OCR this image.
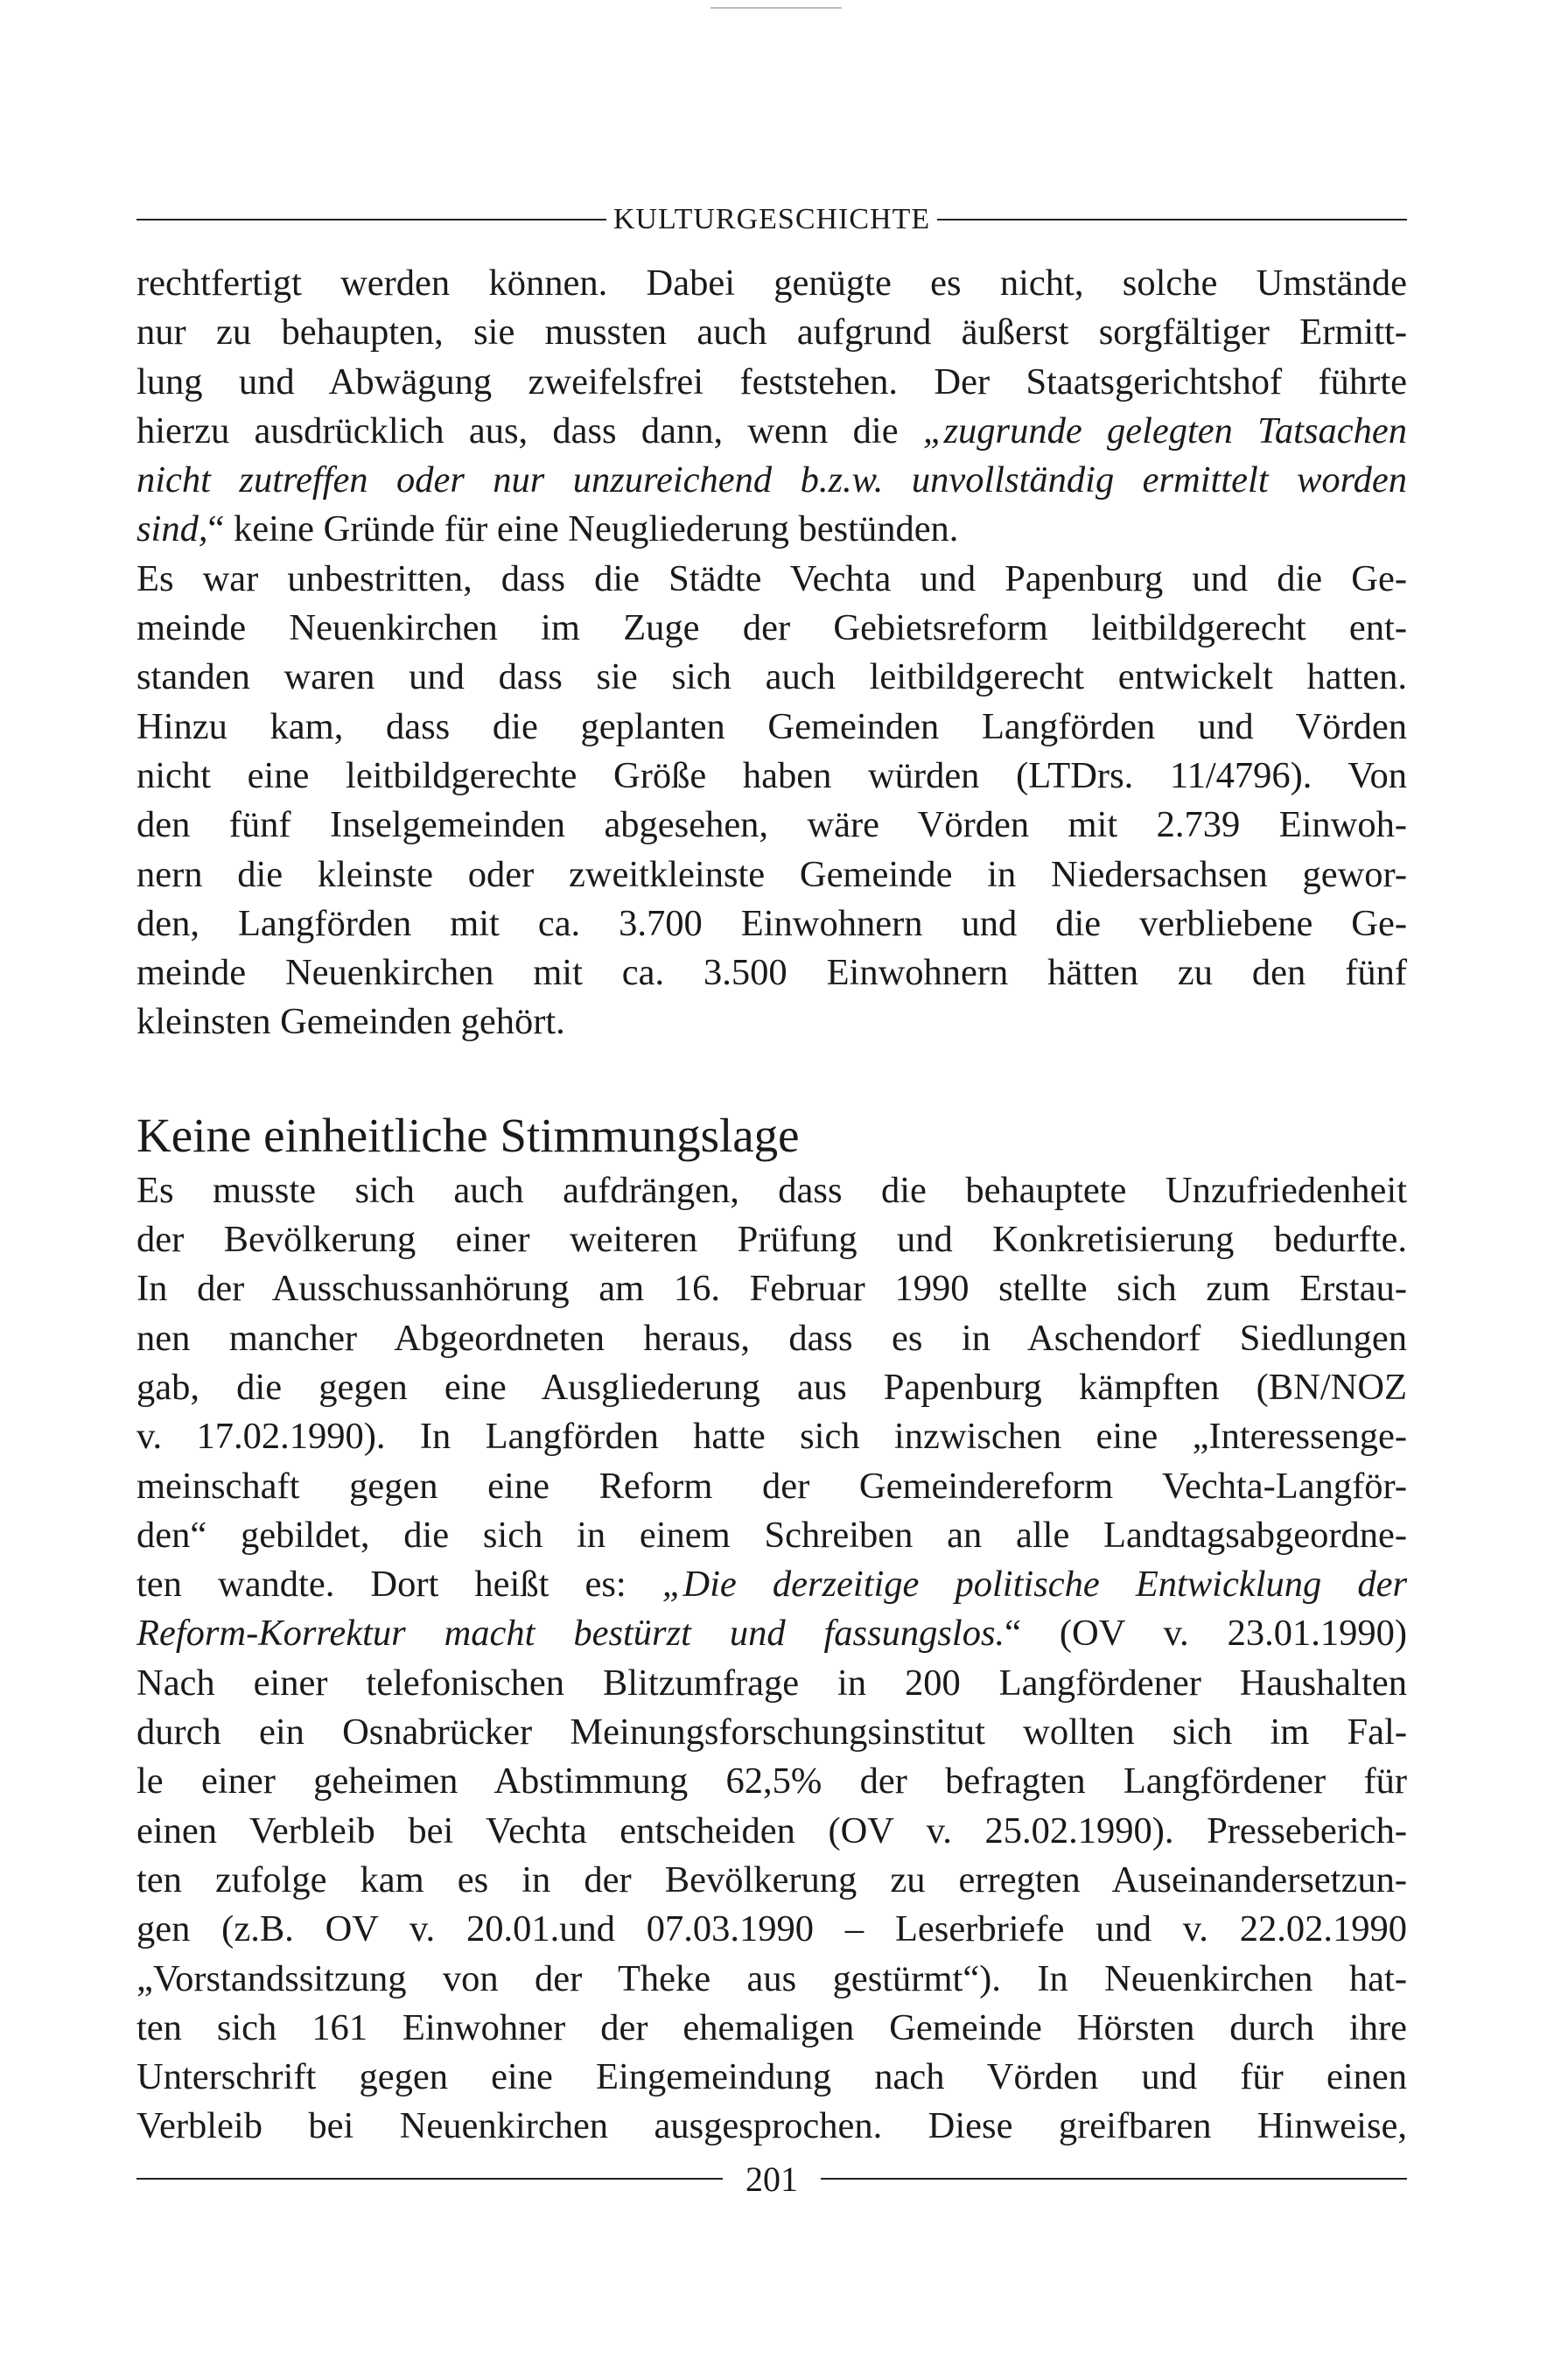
KULTURGESCHICHTE

rechtfertigt werden können. Dabei genügte es nicht, solche Umstände
nur zu behaupten, sie mussten auch aufgrund äußerst sorgfältiger Ermitt-
lung und Abwägung zweifelsfrei feststehen. Der Staatsgerichtshof führte
hierzu ausdrücklich aus, dass dann, wenn die „zugrunde gelegten Tatsachen
nicht zutreffen oder nur unzureichend b.z.w. unvollständig ermittelt worden
sind,“ keine Gründe für eine Neugliederung bestünden.

Es war unbestritten, dass die Städte Vechta und Papenburg und die Ge-
meinde Neuenkirchen im Zuge der Gebietsreform leitbildgerecht ent-
standen waren und dass sie sich auch leitbildgerecht entwickelt hatten.
Hinzu kam, dass die geplanten Gemeinden Langförden und Vörden
nicht eine leitbildgerechte Größe haben würden (LTDrs. 11/4796). Von
den fünf Inselgemeinden abgesehen, wäre Vörden mit 2.739 Einwoh-
nern die kleinste oder zweitkleinste Gemeinde in Niedersachsen gewor-
den, Langförden mit ca. 3.700 Einwohnern und die verbliebene Ge-
meinde Neuenkirchen mit ca. 3.500 Einwohnern hätten zu den fünf
kleinsten Gemeinden gehört.

Keine einheitliche Stimmungslage

Es musste sich auch aufdrängen, dass die behauptete Unzufriedenheit
der Bevölkerung einer weiteren Prüfung und Konkretisierung bedurfte.
In der Ausschussanhörung am 16. Februar 1990 stellte sich zum Erstau-
nen mancher Abgeordneten heraus, dass es in Aschendorf Siedlungen
gab, die gegen eine Ausgliederung aus Papenburg kämpften (BN/NOZ
v. 17.02.1990). In Langförden hatte sich inzwischen eine „Interessenge-
meinschaft gegen eine Reform der Gemeindereform Vechta-Langför-
den“ gebildet, die sich in einem Schreiben an alle Landtagsabgeordne-
ten wandte. Dort heißt es: „Die derzeitige politische Entwicklung der
Reform-Korrektur macht bestürzt und fassungslos.“ (OV v. 23.01.1990)

Nach einer telefonischen Blitzumfrage in 200 Langfördener Haushalten
durch ein Osnabrücker Meinungsforschungsinstitut wollten sich im Fal-
le einer geheimen Abstimmung 62,5% der befragten Langfördener für
einen Verbleib bei Vechta entscheiden (OV v. 25.02.1990). Presseberich-
ten zufolge kam es in der Bevölkerung zu erregten Auseinandersetzun-
gen (z.B. OV v. 20.01.und 07.03.1990 – Leserbriefe und v. 22.02.1990
„Vorstandssitzung von der Theke aus gestürmt“). In Neuenkirchen hat-
ten sich 161 Einwohner der ehemaligen Gemeinde Hörsten durch ihre
Unterschrift gegen eine Eingemeindung nach Vörden und für einen
Verbleib bei Neuenkirchen ausgesprochen. Diese greifbaren Hinweise,

201
